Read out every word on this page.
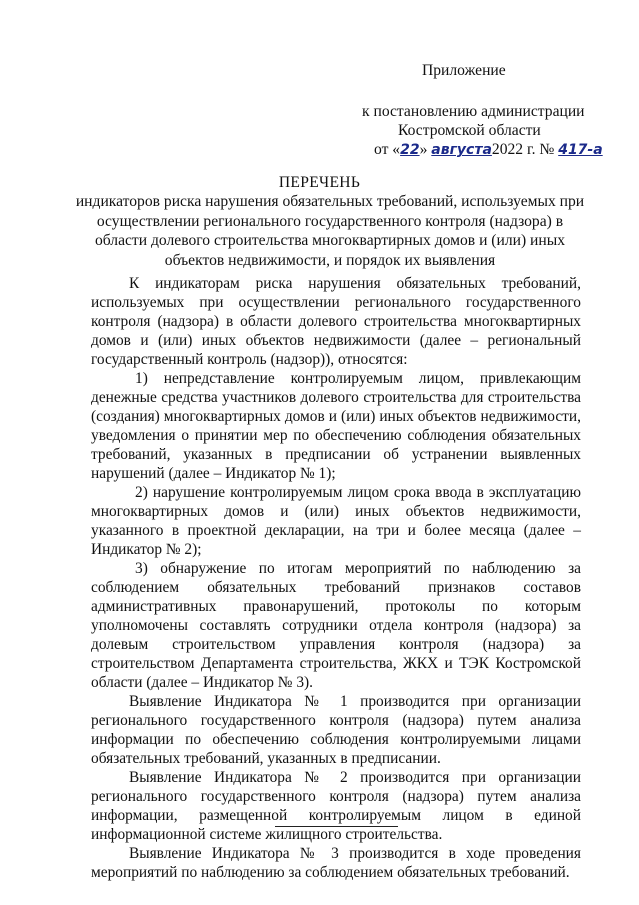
Приложение
к постановлению администрации
Костромской области
от «22» августа2022 г. № 417-а
ПЕРЕЧЕНЬ
индикаторов риска нарушения обязательных требований, используемых при осуществлении регионального государственного контроля (надзора) в области долевого строительства многоквартирных домов и (или) иных объектов недвижимости, и порядок их выявления

К индикаторам риска нарушения обязательных требований, используемых при осуществлении регионального государственного контроля (надзора) в области долевого строительства многоквартирных домов и (или) иных объектов недвижимости (далее – региональный государственный контроль (надзор)), относятся:

1) непредставление контролируемым лицом, привлекающим денежные средства участников долевого строительства для строительства (создания) многоквартирных домов и (или) иных объектов недвижимости, уведомления о принятии мер по обеспечению соблюдения обязательных требований, указанных в предписании об устранении выявленных нарушений (далее – Индикатор № 1);

2) нарушение контролируемым лицом срока ввода в эксплуатацию многоквартирных домов и (или) иных объектов недвижимости, указанного в проектной декларации, на три и более месяца (далее – Индикатор № 2);

3) обнаружение по итогам мероприятий по наблюдению за соблюдением обязательных требований признаков составов административных правонарушений, протоколы по которым уполномочены составлять сотрудники отдела контроля (надзора) за долевым строительством управления контроля (надзора) за строительством Департамента строительства, ЖКХ и ТЭК Костромской области (далее – Индикатор № 3).

Выявление Индикатора № 1 производится при организации регионального государственного контроля (надзора) путем анализа информации по обеспечению соблюдения контролируемыми лицами обязательных требований, указанных в предписании.

Выявление Индикатора № 2 производится при организации регионального государственного контроля (надзора) путем анализа информации, размещенной контролируемым лицом в единой информационной системе жилищного строительства.

Выявление Индикатора № 3 производится в ходе проведения мероприятий по наблюдению за соблюдением обязательных требований.
